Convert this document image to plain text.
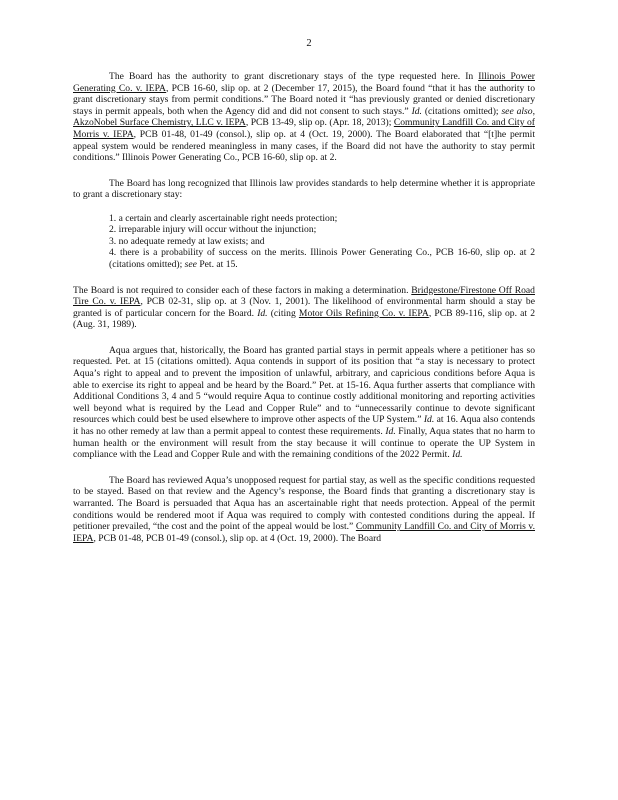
2

The Board has the authority to grant discretionary stays of the type requested here. In Illinois Power Generating Co. v. IEPA, PCB 16-60, slip op. at 2 (December 17, 2015), the Board found “that it has the authority to grant discretionary stays from permit conditions.” The Board noted it “has previously granted or denied discretionary stays in permit appeals, both when the Agency did and did not consent to such stays.” Id. (citations omitted); see also, AkzoNobel Surface Chemistry, LLC v. IEPA, PCB 13-49, slip op. (Apr. 18, 2013); Community Landfill Co. and City of Morris v. IEPA, PCB 01-48, 01-49 (consol.), slip op. at 4 (Oct. 19, 2000). The Board elaborated that “[t]he permit appeal system would be rendered meaningless in many cases, if the Board did not have the authority to stay permit conditions.” Illinois Power Generating Co., PCB 16-60, slip op. at 2.

The Board has long recognized that Illinois law provides standards to help determine whether it is appropriate to grant a discretionary stay:

1. a certain and clearly ascertainable right needs protection;
2. irreparable injury will occur without the injunction;
3. no adequate remedy at law exists; and
4. there is a probability of success on the merits. Illinois Power Generating Co., PCB 16-60, slip op. at 2 (citations omitted); see Pet. at 15.

The Board is not required to consider each of these factors in making a determination. Bridgestone/Firestone Off Road Tire Co. v. IEPA, PCB 02-31, slip op. at 3 (Nov. 1, 2001). The likelihood of environmental harm should a stay be granted is of particular concern for the Board. Id. (citing Motor Oils Refining Co. v. IEPA, PCB 89-116, slip op. at 2 (Aug. 31, 1989).

Aqua argues that, historically, the Board has granted partial stays in permit appeals where a petitioner has so requested. Pet. at 15 (citations omitted). Aqua contends in support of its position that “a stay is necessary to protect Aqua’s right to appeal and to prevent the imposition of unlawful, arbitrary, and capricious conditions before Aqua is able to exercise its right to appeal and be heard by the Board.” Pet. at 15-16. Aqua further asserts that compliance with Additional Conditions 3, 4 and 5 “would require Aqua to continue costly additional monitoring and reporting activities well beyond what is required by the Lead and Copper Rule” and to “unnecessarily continue to devote significant resources which could best be used elsewhere to improve other aspects of the UP System.” Id. at 16. Aqua also contends it has no other remedy at law than a permit appeal to contest these requirements. Id. Finally, Aqua states that no harm to human health or the environment will result from the stay because it will continue to operate the UP System in compliance with the Lead and Copper Rule and with the remaining conditions of the 2022 Permit. Id.

The Board has reviewed Aqua’s unopposed request for partial stay, as well as the specific conditions requested to be stayed. Based on that review and the Agency’s response, the Board finds that granting a discretionary stay is warranted. The Board is persuaded that Aqua has an ascertainable right that needs protection. Appeal of the permit conditions would be rendered moot if Aqua was required to comply with contested conditions during the appeal. If petitioner prevailed, “the cost and the point of the appeal would be lost.” Community Landfill Co. and City of Morris v. IEPA, PCB 01-48, PCB 01-49 (consol.), slip op. at 4 (Oct. 19, 2000). The Board
